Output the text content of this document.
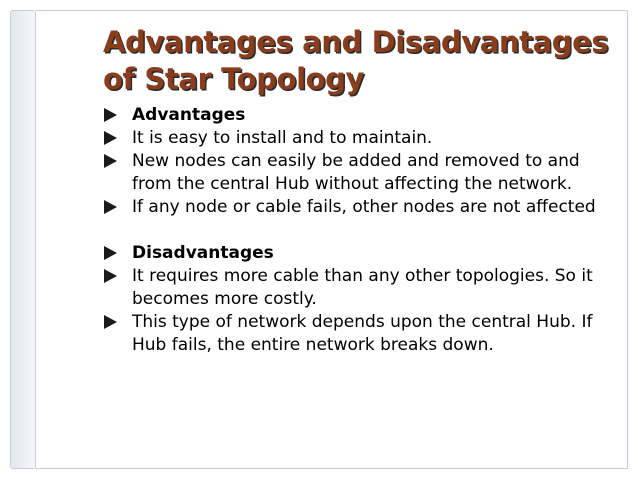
Advantages and Disadvantages
of Star Topology

Advantages

It is easy to install and to maintain.

New nodes can easily be added and removed to and from the central Hub without affecting the network.

If any node or cable fails, other nodes are not affected

Disadvantages

It requires more cable than any other topologies. So it becomes more costly.

This type of network depends upon the central Hub. If Hub fails, the entire network breaks down.
